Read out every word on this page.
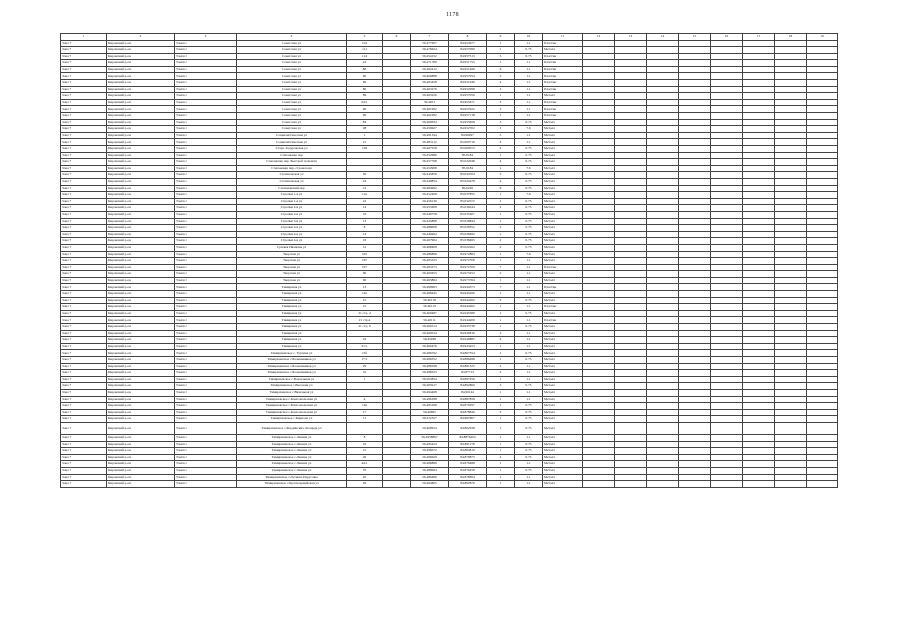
1178
1	2	3	4	5	6	7	8	9	10	11	12	13	14	15	16	17	18	19
Зона 7	Кировский р-он	Томск г	Советская ул	104		56.477207	84.953977	1	1.1	Пластик								
Зона 7	Кировский р-он	Томск г	Советская ул	111		56.476624	84.957099	1	0.75	Металл								
Зона 7	Кировский р-он	Томск г	Советская ул	114		56.454152	84.957513	3	0.75	Пластик								
Зона 7	Кировский р-он	Томск г	Советская ул	43		56.471789	84.951755	1	1.1	Пластик								
Зона 7	Кировский р-он	Томск г	Советская ул	86		56.462412	84.951499	6	1.1	Пластик								
Зона 7	Кировский р-он	Томск г	Советская ул	90		56.460888	84.957054	5	1.1	Пластик								
Зона 7	Кировский р-он	Томск г	Советская ул	69		56.465458	84.951646	4	1.1	Пластик								
Зона 7	Кировский р-он	Томск г	Советская ул	80		56.463276	84.952098	3	1.1	Пластик								
Зона 7	Кировский р-он	Томск г	Советская ул	89		56.463226	84.957059	1	1.1	Металл								
Зона 7	Кировский р-он	Томск г	Советская ул	64/1		56.4651	84.953471	3	1.1	Пластик								
Зона 7	Кировский р-он	Томск г	Советская ул	90		56.461992	84.957022	3	1.1	Пластик								
Зона 7	Кировский р-он	Томск г	Советская ул	90		56.461992	84.957718	1	1.1	Пластик								
Зона 7	Кировский р-он	Томск г	Советская ул	84		56.460634	84.953658	3	0.75	Металл								
Зона 7	Кировский р-он	Томск г	Советская ул	98		56.459627	84.952702	1	7.6	Металл								
Зона 7	Кировский р-он	Томск г	Социалистическая ул	1		56.491344	84.98297	3	1.1	Металл								
Зона 7	Кировский р-он	Томск г	Социалистическая ул	21		56.485112	85.000716	4	1.1	Металл								
Зона 7	Кировский р-он	Томск г	Старо-Тодуровская ул	128		56.467258	85.009572	4	0.75	Металл								
Зона 7	Кировский р-он	Томск г	Степановка пер			56.452986	85.0184	1	0.75	Металл								
Зона 7	Кировский р-он	Томск г	Степановка пер. Быстрой транзитн			56.457798	85.022048	4	0.75	Металл								
Зона 7	Кировский р-он	Томск г	Степановка пер. строкоходн			56.452908	85.0184	1	7.6	Металл								
Зона 7	Кировский р-он	Томск г	Степановская ул	50		56.445856	85.034704	5	0.75	Металл								
Зона 7	Кировский р-он	Томск г	Степановская ул	24		56.449854	85.024278	4	0.75	Металл								
Зона 7	Кировский р-он	Томск г	Степановский пер	12		56.484992	85.0249	6	0.75	Металл								
Зона 7	Кировский р-он	Томск г	Стрелки 1-я ул	12а		56.452408	85.037855	1	7.6	Металл								
Зона 7	Кировский р-он	Томск г	Стрелки 1-я ул	22		56.456136	85.032572	1	0.75	Металл								
Зона 7	Кировский р-он	Томск г	Стрелки 2-я ул	14		56.455608	85.036244	2	0.75	Металл								
Зона 7	Кировский р-он	Томск г	Стрелки 2-я ул	16		56.449758	85.035207	1	0.75	Металл								
Зона 7	Кировский р-он	Томск г	Стрелки 3-я ул	13		56.445898	85.039844	1	0.75	Металл								
Зона 7	Кировский р-он	Томск г	Стрелки 4-я ул	8		56.488008	85.028352	2	0.75	Металл								
Зона 7	Кировский р-он	Томск г	Стрелки 4-я ул	14		56.449494	85.028492	1	0.75	Металл								
Зона 7	Кировский р-он	Томск г	Стрелки 4-я ул	16		56.467904	85.038495	2	0.75	Металл								
Зона 7	Кировский р-он	Томск г	Сулевея Ивановы ул	12		56.468408	85.022262	2	0.75	Металл								
Зона 7	Кировский р-он	Томск г	Тверская ул	105		56.486899	84.972883	1	7.6	Металл								
Зона 7	Кировский р-он	Томск г	Тверская ул	167		56.465323	84.972708	1	1.1	Металл								
Зона 7	Кировский р-он	Томск г	Тверская ул	197		56.465273	84.972709	7	1.1	Пластик								
Зона 7	Кировский р-он	Томск г	Тверская ул	90		56.463653	84.973252	2	1.1	Металл								
Зона 7	Кировский р-он	Томск г	Тверская ул	90		56.463804	84.973764	1	1.1	Металл								
Зона 7	Кировский р-он	Томск г	Тимирязев ул	13		56.490993	84.944373	7	1.1	Пластик								
Зона 7	Кировский р-он	Томск г	Тимирязев ул	14а		56.468445	84.945266	1	1.1	Металл								
Зона 7	Кировский р-он	Томск г	Тимирязев ул	21		56.46118	84.944262	2	0.75	Металл								
Зона 7	Кировский р-он	Томск г	Тимирязев ул	21		56.46119	84.944262	1	1.1	Пластик								
Зона 7	Кировский р-он	Томск г	Тимирязев ул	21 стр. 4		56.460487	84.945589	1	0.75	Металл								
Зона 7	Кировский р-он	Томск г	Тимирязев ул	21 стр.4		56.46111	84.944209	1	1.1	Пластик								
Зона 7	Кировский р-он	Томск г	Тимирязев ул	21 стр. 9		56.460314	84.943738	1	0.75	Металл								
Зона 7	Кировский р-он	Томск г	Тимирязев ул			56.460534	84.940816	3	1.1	Металл								
Зона 7	Кировский р-он	Томск г	Тимирязев ул	43		56.45948	84.940885	4	1.1	Металл								
Зона 7	Кировский р-он	Томск г	Тимирязев ул	21/1		56.460476	84.943453	1	1.1	Металл								
Зона 7	Кировский р-он	Томск г	Тимирязевское с. Тургина ул	15б		56.486792	84.867354	1	0.75	Металл								
Зона 7	Кировский р-он	Томск г	Тимирязевское с.Большевиков ул	17/1		56.486352	84.886498	1	0.75	Металл								
Зона 7	Кировский р-он	Томск г	Тимирязевское с.Большевиков ул	29		56.488198	84.881325	2	1.1	Металл								
Зона 7	Кировский р-он	Томск г	Тимирязевское с.Большевиков ул	32		56.498323	84.87713	2	1.1	Металл								
Зона 7	Кировский р-он	Томск г	Тимирязевское с.Вокзальная ул	1		56.503854	84.897456	1	1.1	Металл								
Зона 7	Кировский р-он	Томск г	Тимирязевское с.Высоких ул			56.465917	84.892860	3	0.75	Металл								
Зона 7	Кировский р-он	Томск г	Тимирязевское с.Вязальная ул			56.494408	84.90144	1	1.1	Металл								
Зона 7	Кировский р-он	Томск г	Тимирязевское с.Комсомольская ул	4		56.496188	84.887858	1	1.1	Металл								
Зона 7	Кировский р-он	Томск г	Тимирязевское с.Комсомольская ул	16а		56.495168	84.870297	1	0.75	Металл								
Зона 7	Кировский р-он	Томск г	Тимирязевское с.Комсомольская ул	17		56.49695	84.878846	2	0.75	Металл								
Зона 7	Кировский р-он	Томск г	Тимирязевское с.Кирпона ул	11		56.472327	84.987867	1	0.75	Металл								
Зона 7	Кировский р-он	Томск г	Тимирязевское с.Кординских площадь ул			56.469954	84.862938	1	0.75	Металл								
Зона 7	Кировский р-он	Томск г	Тимирязевское с.Ленина ул	8		56.4958897	84.8876204	1	1.1	Металл								
Зона 7	Кировский р-он	Томск г	Тимирязевское с.Ленина ул	16		56.495424	84.891178	1	0.75	Металл								
Зона 7	Кировский р-он	Томск г	Тимирязевское с.Ленина ул	21		56.496072	84.884819	1	0.75	Металл								
Зона 7	Кировский р-он	Томск г	Тимирязевское с.Ленина ул	26		56.496629	84.879875	2	0.75	Металл								
Зона 7	Кировский р-он	Томск г	Тимирязевское с.Ленина ул	44/1		56.486866	84.876488	1	1.1	Металл								
Зона 7	Кировский р-он	Томск г	Тимирязевское с.Ленина ул	70		56.488064	84.876458	1	0.75	Металл								
Зона 7	Кировский р-он	Томск г	Тимирязевское с.Лутиана Перусовы	45		56.486486	84.878694	1	1.1	Металл								
Зона 7	Кировский р-он	Томск г	Тимирязевское с.Красноармейская ул	26		56.464805	84.882876	1	1.1	Металл								
